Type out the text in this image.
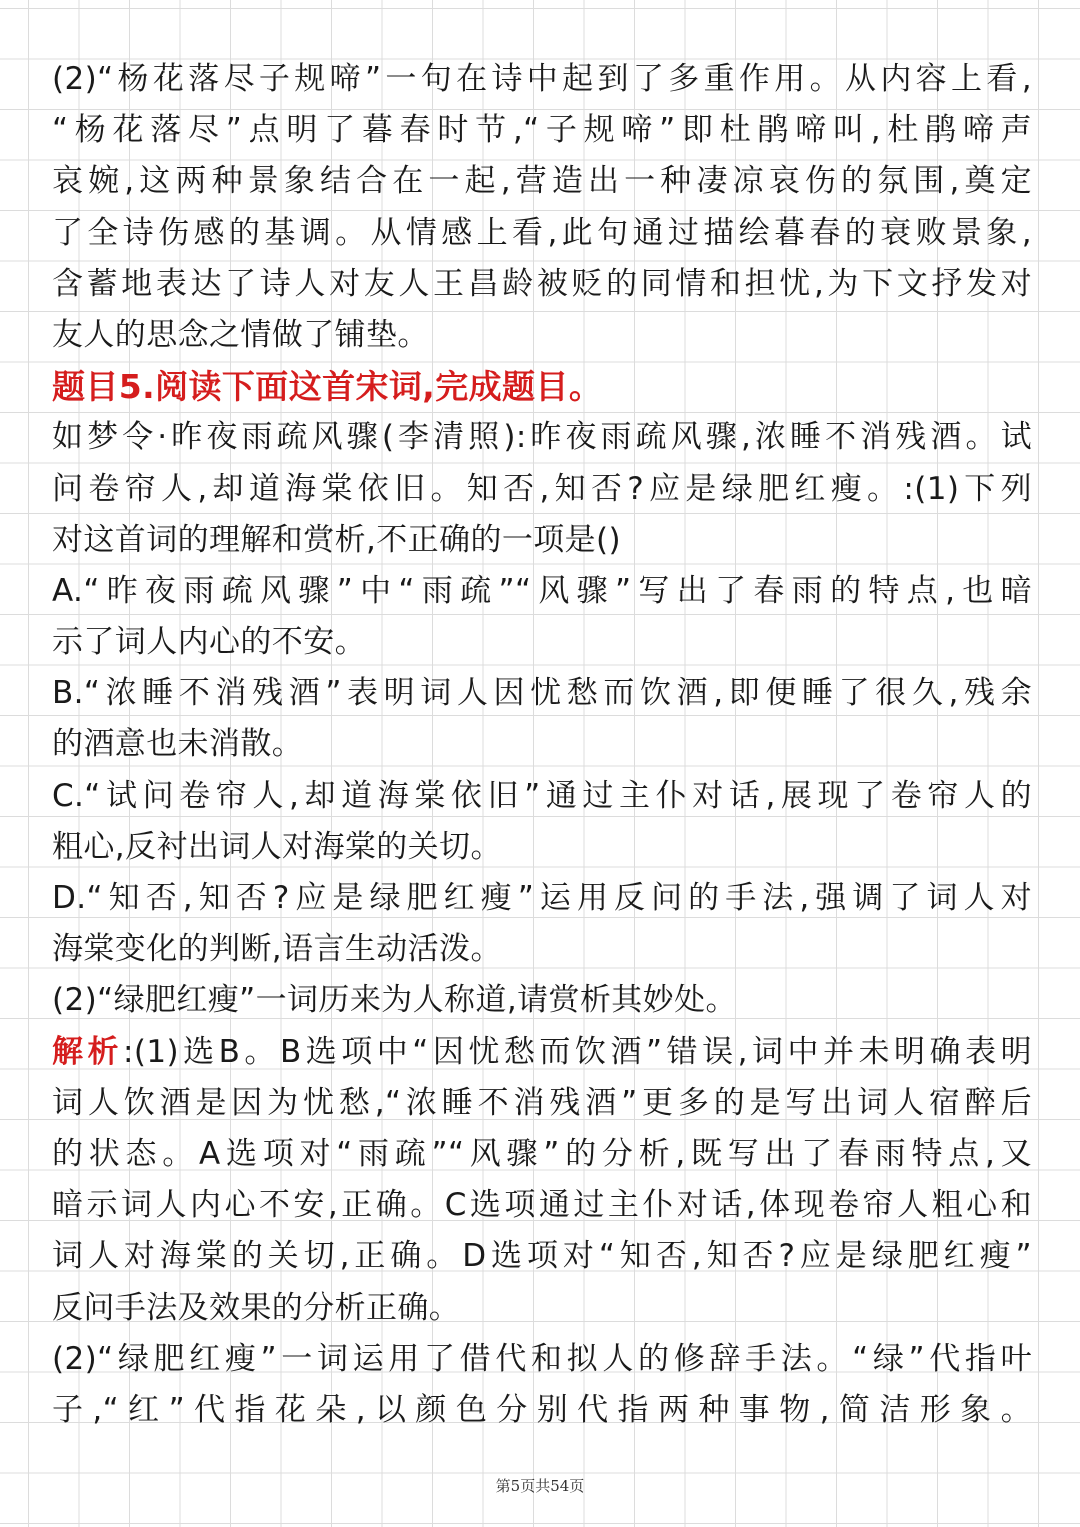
(2)“杨花落尽子规啼”一句在诗中起到了多重作用。从内容上看,
“杨花落尽”点明了暮春时节,“子规啼”即杜鹃啼叫,杜鹃啼声
哀婉,这两种景象结合在一起,营造出一种凄凉哀伤的氛围,奠定
了全诗伤感的基调。从情感上看,此句通过描绘暮春的衰败景象,
含蓄地表达了诗人对友人王昌龄被贬的同情和担忧,为下文抒发对
友人的思念之情做了铺垫。
题目5.阅读下面这首宋词,完成题目。
如梦令·昨夜雨疏风骤(李清照):昨夜雨疏风骤,浓睡不消残酒。试
问卷帘人,却道海棠依旧。知否,知否?应是绿肥红瘦。:(1)下列
对这首词的理解和赏析,不正确的一项是()
A.“昨夜雨疏风骤”中“雨疏”“风骤”写出了春雨的特点,也暗
示了词人内心的不安。
B.“浓睡不消残酒”表明词人因忧愁而饮酒,即便睡了很久,残余
的酒意也未消散。
C.“试问卷帘人,却道海棠依旧”通过主仆对话,展现了卷帘人的
粗心,反衬出词人对海棠的关切。
D.“知否,知否?应是绿肥红瘦”运用反问的手法,强调了词人对
海棠变化的判断,语言生动活泼。
(2)“绿肥红瘦”一词历来为人称道,请赏析其妙处。
解析:(1)选B。B选项中“因忧愁而饮酒”错误,词中并未明确表明
词人饮酒是因为忧愁,“浓睡不消残酒”更多的是写出词人宿醉后
的状态。A选项对“雨疏”“风骤”的分析,既写出了春雨特点,又
暗示词人内心不安,正确。C选项通过主仆对话,体现卷帘人粗心和
词人对海棠的关切,正确。D选项对“知否,知否?应是绿肥红瘦”
反问手法及效果的分析正确。
(2)“绿肥红瘦”一词运用了借代和拟人的修辞手法。“绿”代指叶
子,“红”代指花朵,以颜色分别代指两种事物,简洁形象。
第5页共54页
